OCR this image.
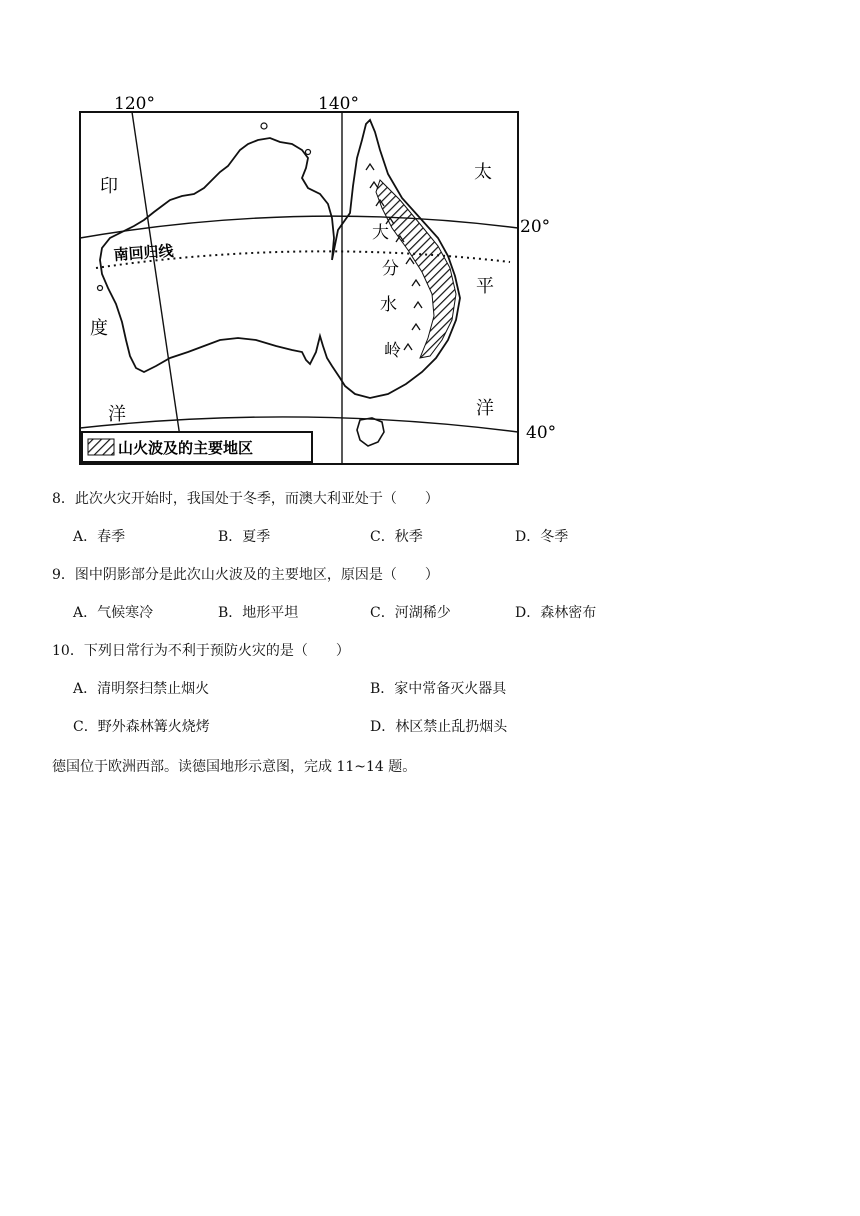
120°	140°
20°
40°
南回归线
印
度
洋
太
平
洋
大
分
水
岭
山火波及的主要地区
8．此次火灾开始时，我国处于冬季，而澳大利亚处于（　　）
A．春季	B．夏季	C．秋季	D．冬季
9．图中阴影部分是此次山火波及的主要地区，原因是（　　）
A．气候寒冷	B．地形平坦	C．河湖稀少	D．森林密布
10．下列日常行为不利于预防火灾的是（　　）
A．清明祭扫禁止烟火	B．家中常备灭火器具
C．野外森林篝火烧烤	D．林区禁止乱扔烟头
德国位于欧洲西部。读德国地形示意图，完成 11~14 题。
